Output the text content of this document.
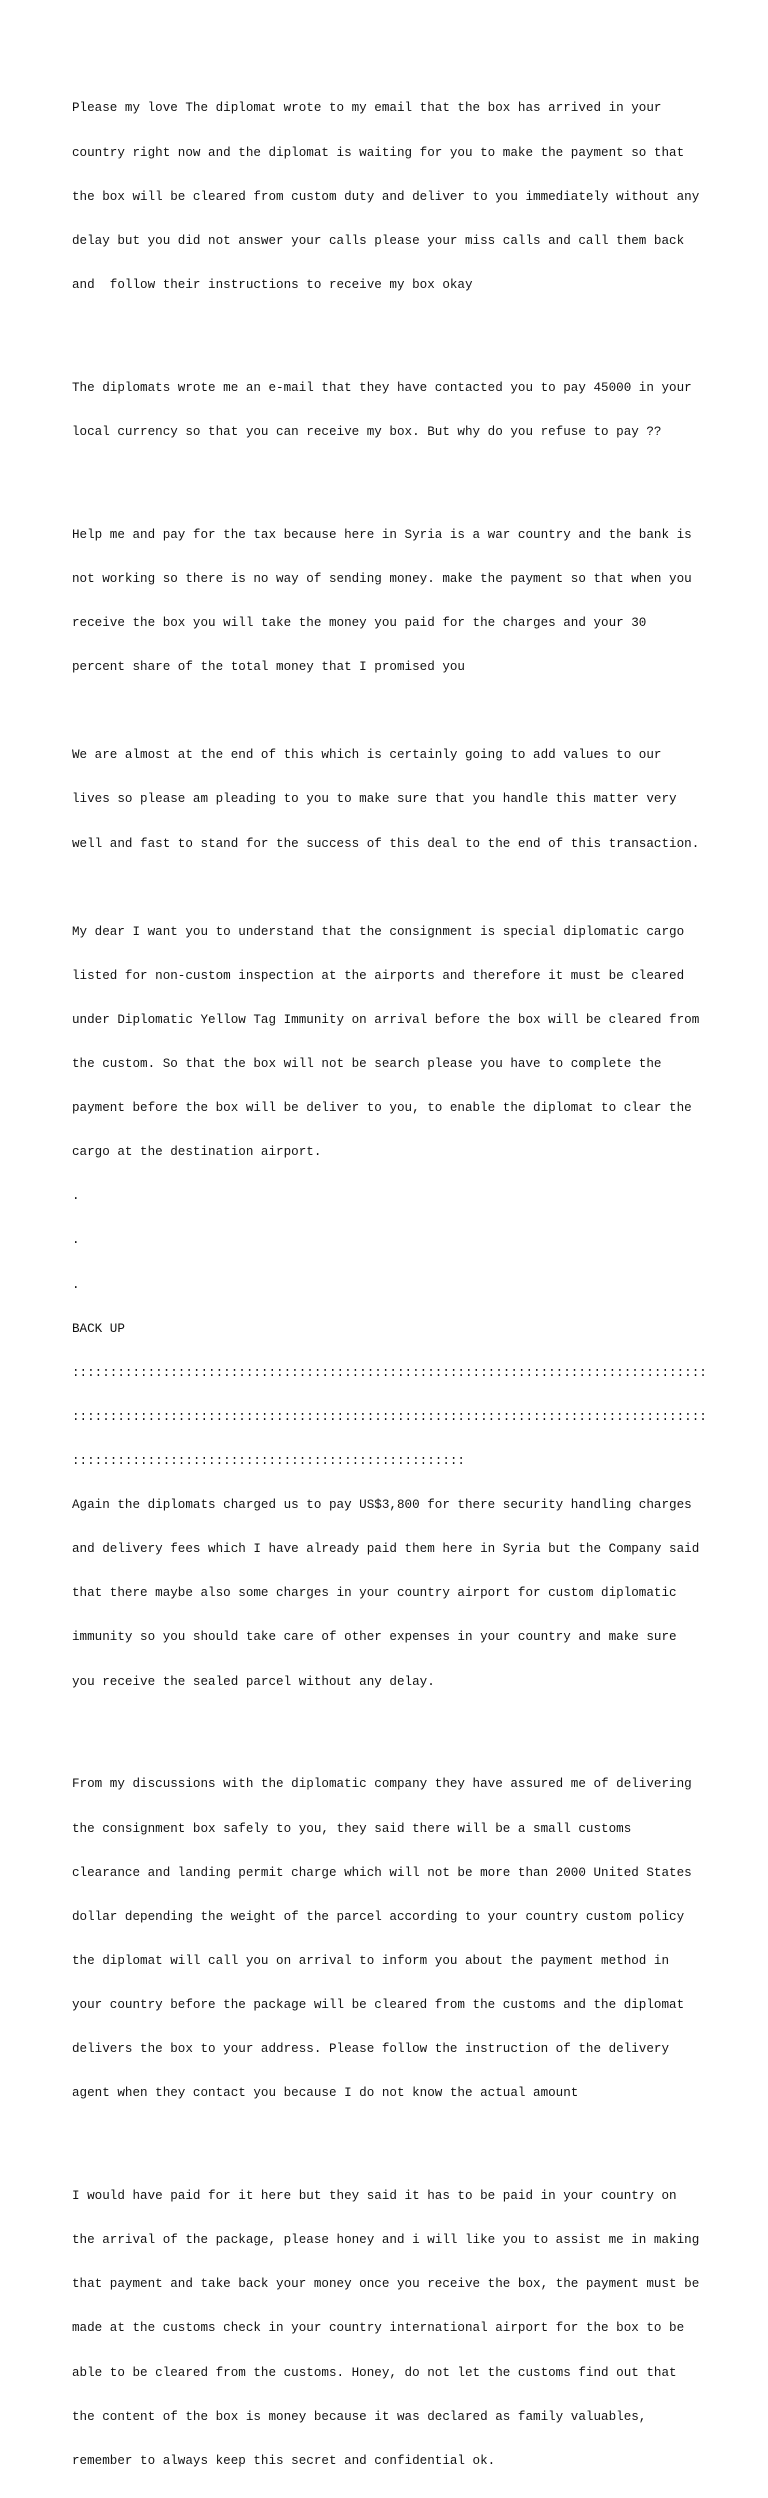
Please my love The diplomat wrote to my email that the box has arrived in your

country right now and the diplomat is waiting for you to make the payment so that

the box will be cleared from custom duty and deliver to you immediately without any

delay but you did not answer your calls please your miss calls and call them back

and  follow their instructions to receive my box okay

The diplomats wrote me an e-mail that they have contacted you to pay 45000 in your

local currency so that you can receive my box. But why do you refuse to pay ??

Help me and pay for the tax because here in Syria is a war country and the bank is

not working so there is no way of sending money. make the payment so that when you

receive the box you will take the money you paid for the charges and your 30

percent share of the total money that I promised you

We are almost at the end of this which is certainly going to add values to our

lives so please am pleading to you to make sure that you handle this matter very

well and fast to stand for the success of this deal to the end of this transaction.

My dear I want you to understand that the consignment is special diplomatic cargo

listed for non-custom inspection at the airports and therefore it must be cleared

under Diplomatic Yellow Tag Immunity on arrival before the box will be cleared from

the custom. So that the box will not be search please you have to complete the

payment before the box will be deliver to you, to enable the diplomat to clear the

cargo at the destination airport.

.

.

.

BACK UP

::::::::::::::::::::::::::::::::::::::::::::::::::::::::::::::::::::::::::::::::::::

::::::::::::::::::::::::::::::::::::::::::::::::::::::::::::::::::::::::::::::::::::

::::::::::::::::::::::::::::::::::::::::::::::::::::

Again the diplomats charged us to pay US$3,800 for there security handling charges

and delivery fees which I have already paid them here in Syria but the Company said

that there maybe also some charges in your country airport for custom diplomatic

immunity so you should take care of other expenses in your country and make sure

you receive the sealed parcel without any delay.

From my discussions with the diplomatic company they have assured me of delivering

the consignment box safely to you, they said there will be a small customs

clearance and landing permit charge which will not be more than 2000 United States

dollar depending the weight of the parcel according to your country custom policy

the diplomat will call you on arrival to inform you about the payment method in

your country before the package will be cleared from the customs and the diplomat

delivers the box to your address. Please follow the instruction of the delivery

agent when they contact you because I do not know the actual amount

I would have paid for it here but they said it has to be paid in your country on

the arrival of the package, please honey and i will like you to assist me in making

that payment and take back your money once you receive the box, the payment must be

made at the customs check in your country international airport for the box to be

able to be cleared from the customs. Honey, do not let the customs find out that

the content of the box is money because it was declared as family valuables,

remember to always keep this secret and confidential ok.
